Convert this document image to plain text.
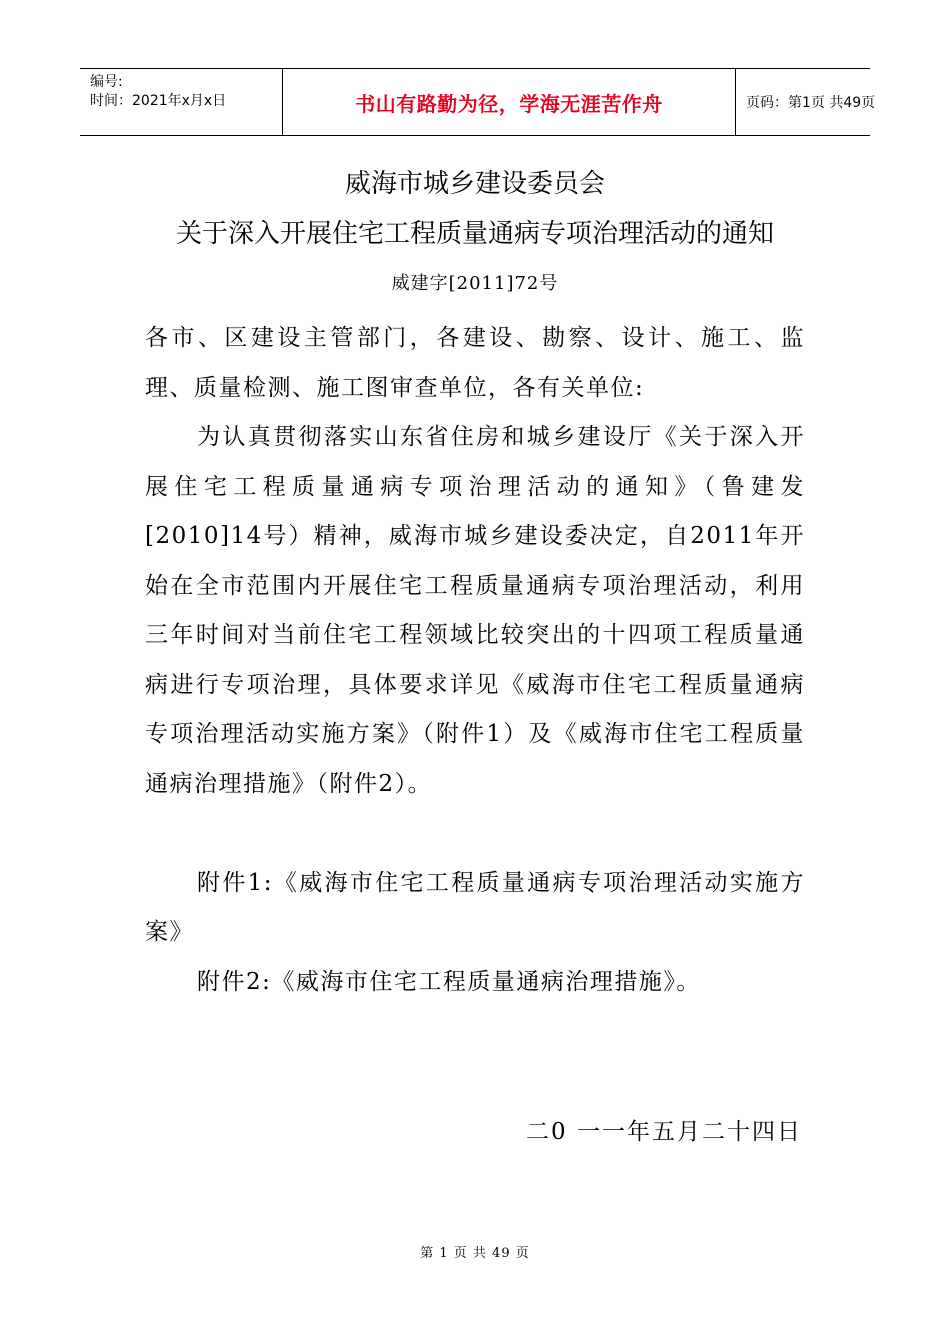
编号:
时间：2021年x月x日	书山有路勤为径，学海无涯苦作舟	页码：第1页 共49页
威海市城乡建设委员会
关于深入开展住宅工程质量通病专项治理活动的通知
威建字[2011]72号

各市、区建设主管部门，各建设、勘察、设计、施工、监理、质量检测、施工图审查单位，各有关单位:

为认真贯彻落实山东省住房和城乡建设厅《关于深入开展住宅工程质量通病专项治理活动的通知》（鲁建发[2010]14号）精神，威海市城乡建设委决定，自2011年开始在全市范围内开展住宅工程质量通病专项治理活动，利用三年时间对当前住宅工程领域比较突出的十四项工程质量通病进行专项治理，具体要求详见《威海市住宅工程质量通病专项治理活动实施方案》（附件1）及《威海市住宅工程质量通病治理措施》（附件2）。

附件1:《威海市住宅工程质量通病专项治理活动实施方案》

附件2:《威海市住宅工程质量通病治理措施》。

二0 一一年五月二十四日
第 1 页 共 49 页
